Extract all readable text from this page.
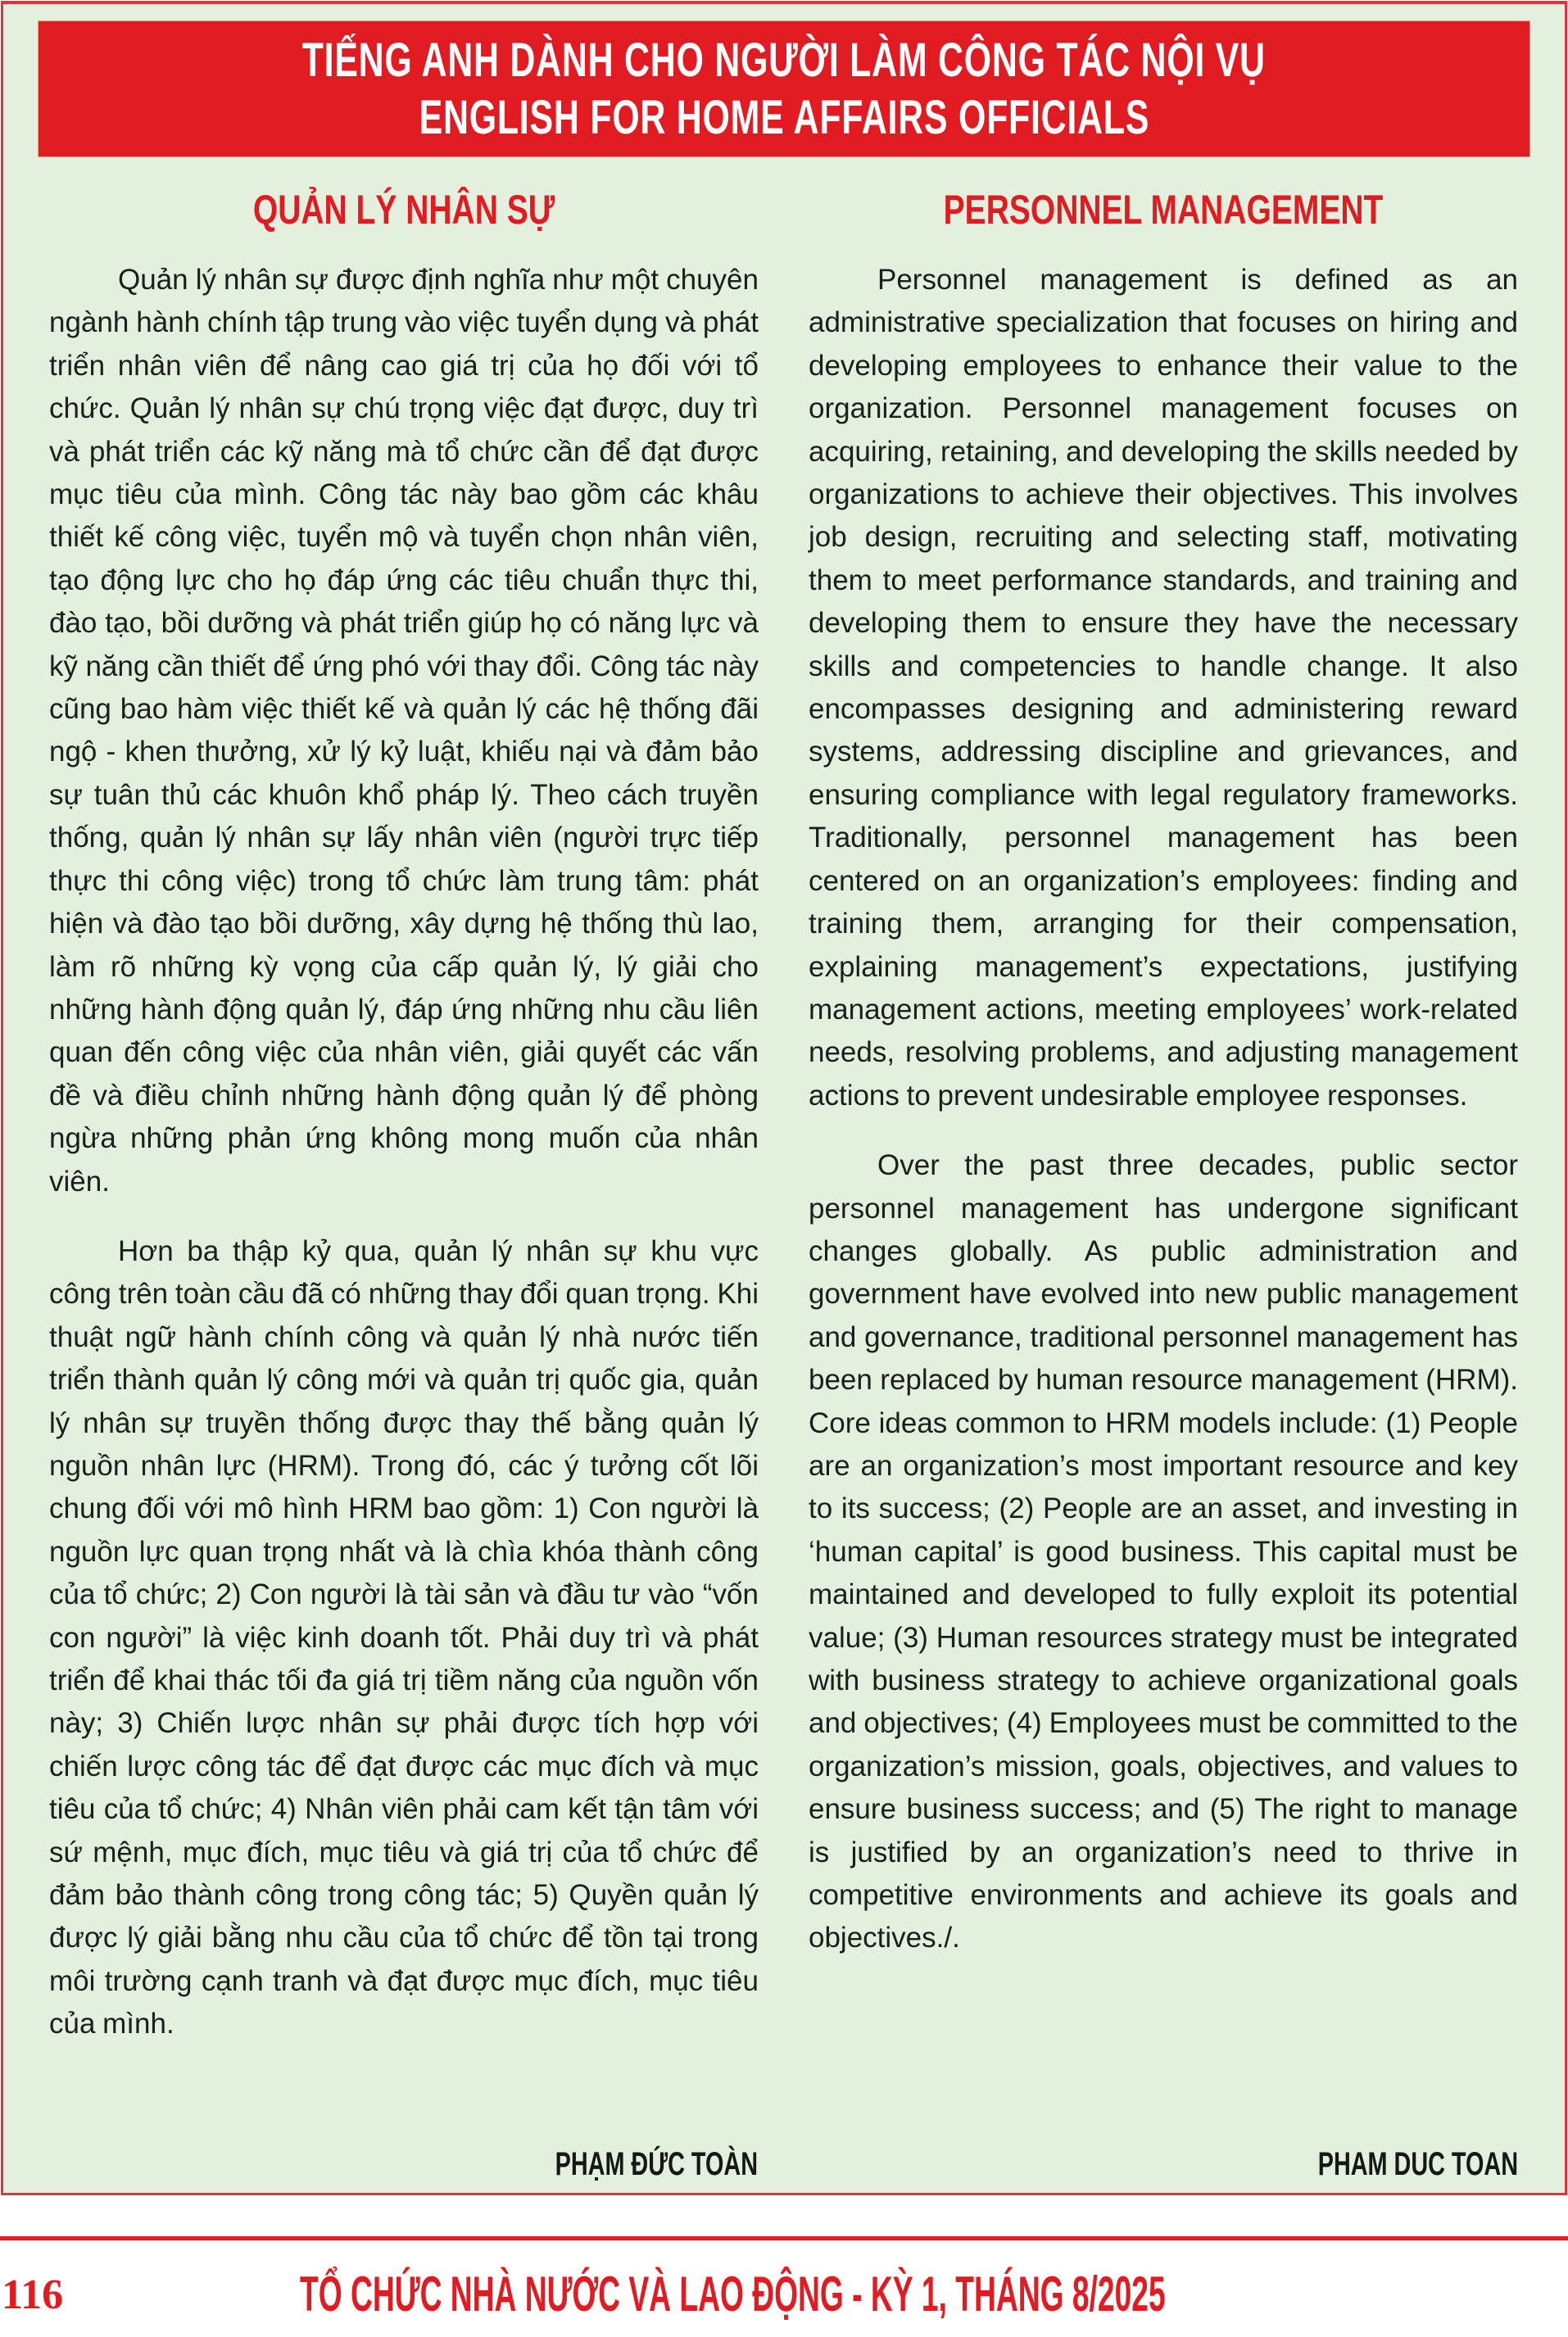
TIẾNG ANH DÀNH CHO NGƯỜI LÀM CÔNG TÁC NỘI VỤ
ENGLISH FOR HOME AFFAIRS OFFICIALS
QUẢN LÝ NHÂN SỰ	PERSONNEL MANAGEMENT

Quản lý nhân sự được định nghĩa như một chuyên ngành hành chính tập trung vào việc tuyển dụng và phát triển nhân viên để nâng cao giá trị của họ đối với tổ chức. Quản lý nhân sự chú trọng việc đạt được, duy trì và phát triển các kỹ năng mà tổ chức cần để đạt được mục tiêu của mình. Công tác này bao gồm các khâu thiết kế công việc, tuyển mộ và tuyển chọn nhân viên, tạo động lực cho họ đáp ứng các tiêu chuẩn thực thi, đào tạo, bồi dưỡng và phát triển giúp họ có năng lực và kỹ năng cần thiết để ứng phó với thay đổi. Công tác này cũng bao hàm việc thiết kế và quản lý các hệ thống đãi ngộ - khen thưởng, xử lý kỷ luật, khiếu nại và đảm bảo sự tuân thủ các khuôn khổ pháp lý. Theo cách truyền thống, quản lý nhân sự lấy nhân viên (người trực tiếp thực thi công việc) trong tổ chức làm trung tâm: phát hiện và đào tạo bồi dưỡng, xây dựng hệ thống thù lao, làm rõ những kỳ vọng của cấp quản lý, lý giải cho những hành động quản lý, đáp ứng những nhu cầu liên quan đến công việc của nhân viên, giải quyết các vấn đề và điều chỉnh những hành động quản lý để phòng ngừa những phản ứng không mong muốn của nhân viên.

Hơn ba thập kỷ qua, quản lý nhân sự khu vực công trên toàn cầu đã có những thay đổi quan trọng. Khi thuật ngữ hành chính công và quản lý nhà nước tiến triển thành quản lý công mới và quản trị quốc gia, quản lý nhân sự truyền thống được thay thế bằng quản lý nguồn nhân lực (HRM). Trong đó, các ý tưởng cốt lõi chung đối với mô hình HRM bao gồm: 1) Con người là nguồn lực quan trọng nhất và là chìa khóa thành công của tổ chức; 2) Con người là tài sản và đầu tư vào “vốn con người” là việc kinh doanh tốt. Phải duy trì và phát triển để khai thác tối đa giá trị tiềm năng của nguồn vốn này; 3) Chiến lược nhân sự phải được tích hợp với chiến lược công tác để đạt được các mục đích và mục tiêu của tổ chức; 4) Nhân viên phải cam kết tận tâm với sứ mệnh, mục đích, mục tiêu và giá trị của tổ chức để đảm bảo thành công trong công tác; 5) Quyền quản lý được lý giải bằng nhu cầu của tổ chức để tồn tại trong môi trường cạnh tranh và đạt được mục đích, mục tiêu của mình.

Personnel management is defined as an administrative specialization that focuses on hiring and developing employees to enhance their value to the organization. Personnel management focuses on acquiring, retaining, and developing the skills needed by organizations to achieve their objectives. This involves job design, recruiting and selecting staff, motivating them to meet performance standards, and training and developing them to ensure they have the necessary skills and competencies to handle change. It also encompasses designing and administering reward systems, addressing discipline and grievances, and ensuring compliance with legal regulatory frameworks. Traditionally, personnel management has been centered on an organization’s employees: finding and training them, arranging for their compensation, explaining management’s expectations, justifying management actions, meeting employees’ work-related needs, resolving problems, and adjusting management actions to prevent undesirable employee responses.

Over the past three decades, public sector personnel management has undergone significant changes globally. As public administration and government have evolved into new public management and governance, traditional personnel management has been replaced by human resource management (HRM). Core ideas common to HRM models include: (1) People are an organization’s most important resource and key to its success; (2) People are an asset, and investing in ‘human capital’ is good business. This capital must be maintained and developed to fully exploit its potential value; (3) Human resources strategy must be integrated with business strategy to achieve organizational goals and objectives; (4) Employees must be committed to the organization’s mission, goals, objectives, and values to ensure business success; and (5) The right to manage is justified by an organization’s need to thrive in competitive environments and achieve its goals and objectives./.

PHẠM ĐỨC TOÀN	PHAM DUC TOAN
116	TỔ CHỨC NHÀ NƯỚC VÀ LAO ĐỘNG - KỲ 1, THÁNG 8/2025
